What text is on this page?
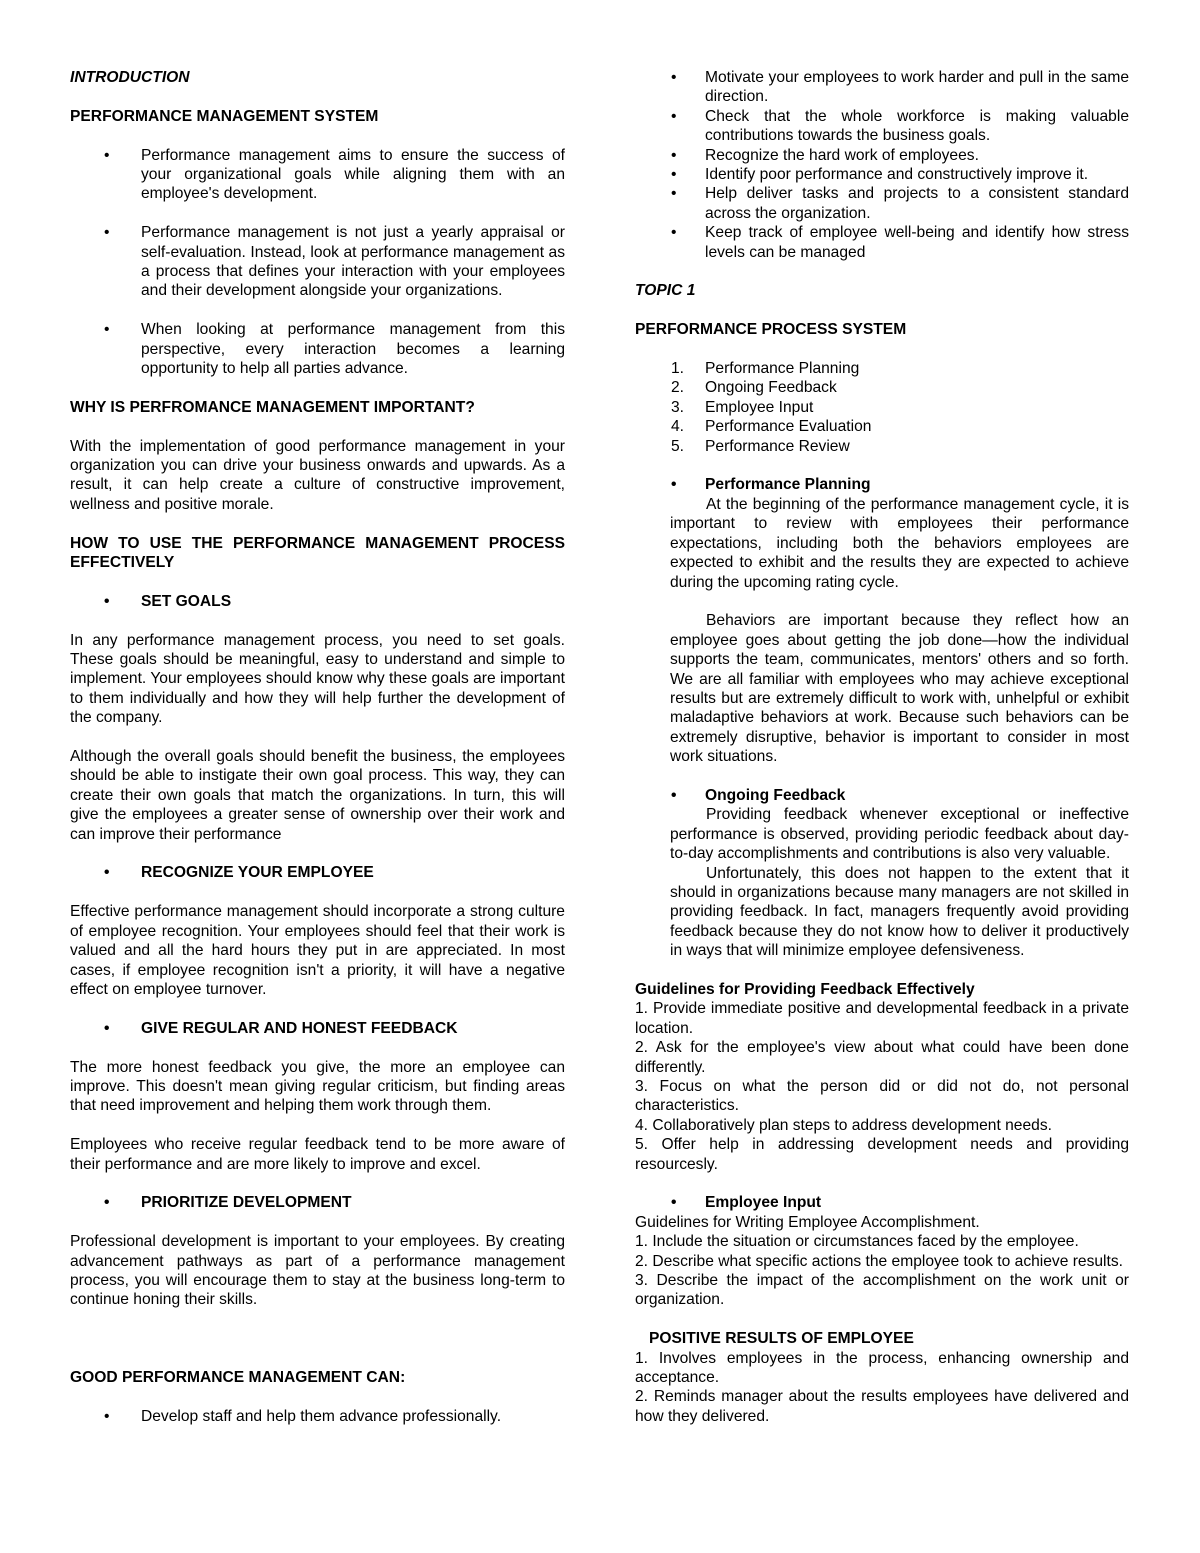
INTRODUCTION

PERFORMANCE MANAGEMENT SYSTEM

• Performance management aims to ensure the success of your organizational goals while aligning them with an employee's development.
• Performance management is not just a yearly appraisal or self-evaluation. Instead, look at performance management as a process that defines your interaction with your employees and their development alongside your organizations.
• When looking at performance management from this perspective, every interaction becomes a learning opportunity to help all parties advance.

WHY IS PERFROMANCE MANAGEMENT IMPORTANT?

With the implementation of good performance management in your organization you can drive your business onwards and upwards. As a result, it can help create a culture of constructive improvement, wellness and positive morale.

HOW TO USE THE PERFORMANCE MANAGEMENT PROCESS EFFECTIVELY

• SET GOALS

In any performance management process, you need to set goals. These goals should be meaningful, easy to understand and simple to implement. Your employees should know why these goals are important to them individually and how they will help further the development of the company.

Although the overall goals should benefit the business, the employees should be able to instigate their own goal process. This way, they can create their own goals that match the organizations. In turn, this will give the employees a greater sense of ownership over their work and can improve their performance

• RECOGNIZE YOUR EMPLOYEE

Effective performance management should incorporate a strong culture of employee recognition. Your employees should feel that their work is valued and all the hard hours they put in are appreciated. In most cases, if employee recognition isn't a priority, it will have a negative effect on employee turnover.

• GIVE REGULAR AND HONEST FEEDBACK

The more honest feedback you give, the more an employee can improve. This doesn't mean giving regular criticism, but finding areas that need improvement and helping them work through them.

Employees who receive regular feedback tend to be more aware of their performance and are more likely to improve and excel.

• PRIORITIZE DEVELOPMENT

Professional development is important to your employees. By creating advancement pathways as part of a performance management process, you will encourage them to stay at the business long-term to continue honing their skills.

GOOD PERFORMANCE MANAGEMENT CAN:

• Develop staff and help them advance professionally.
• Motivate your employees to work harder and pull in the same direction.
• Check that the whole workforce is making valuable contributions towards the business goals.
• Recognize the hard work of employees.
• Identify poor performance and constructively improve it.
• Help deliver tasks and projects to a consistent standard across the organization.
• Keep track of employee well-being and identify how stress levels can be managed

TOPIC 1

PERFORMANCE PROCESS SYSTEM

1. Performance Planning
2. Ongoing Feedback
3. Employee Input
4. Performance Evaluation
5. Performance Review
• Performance Planning

At the beginning of the performance management cycle, it is important to review with employees their performance expectations, including both the behaviors employees are expected to exhibit and the results they are expected to achieve during the upcoming rating cycle.

Behaviors are important because they reflect how an employee goes about getting the job done—how the individual supports the team, communicates, mentors' others and so forth. We are all familiar with employees who may achieve exceptional results but are extremely difficult to work with, unhelpful or exhibit maladaptive behaviors at work. Because such behaviors can be extremely disruptive, behavior is important to consider in most work situations.

• Ongoing Feedback

Providing feedback whenever exceptional or ineffective performance is observed, providing periodic feedback about day-to-day accomplishments and contributions is also very valuable.

Unfortunately, this does not happen to the extent that it should in organizations because many managers are not skilled in providing feedback. In fact, managers frequently avoid providing feedback because they do not know how to deliver it productively in ways that will minimize employee defensiveness.

Guidelines for Providing Feedback Effectively

1. Provide immediate positive and developmental feedback in a private location.

2. Ask for the employee's view about what could have been done differently.

3. Focus on what the person did or did not do, not personal characteristics.

4. Collaboratively plan steps to address development needs.

5. Offer help in addressing development needs and providing resourcesly.

• Employee Input

Guidelines for Writing Employee Accomplishment.

1. Include the situation or circumstances faced by the employee.

2. Describe what specific actions the employee took to achieve results.

3. Describe the impact of the accomplishment on the work unit or organization.

POSITIVE RESULTS OF EMPLOYEE

1. Involves employees in the process, enhancing ownership and acceptance.

2. Reminds manager about the results employees have delivered and how they delivered.
